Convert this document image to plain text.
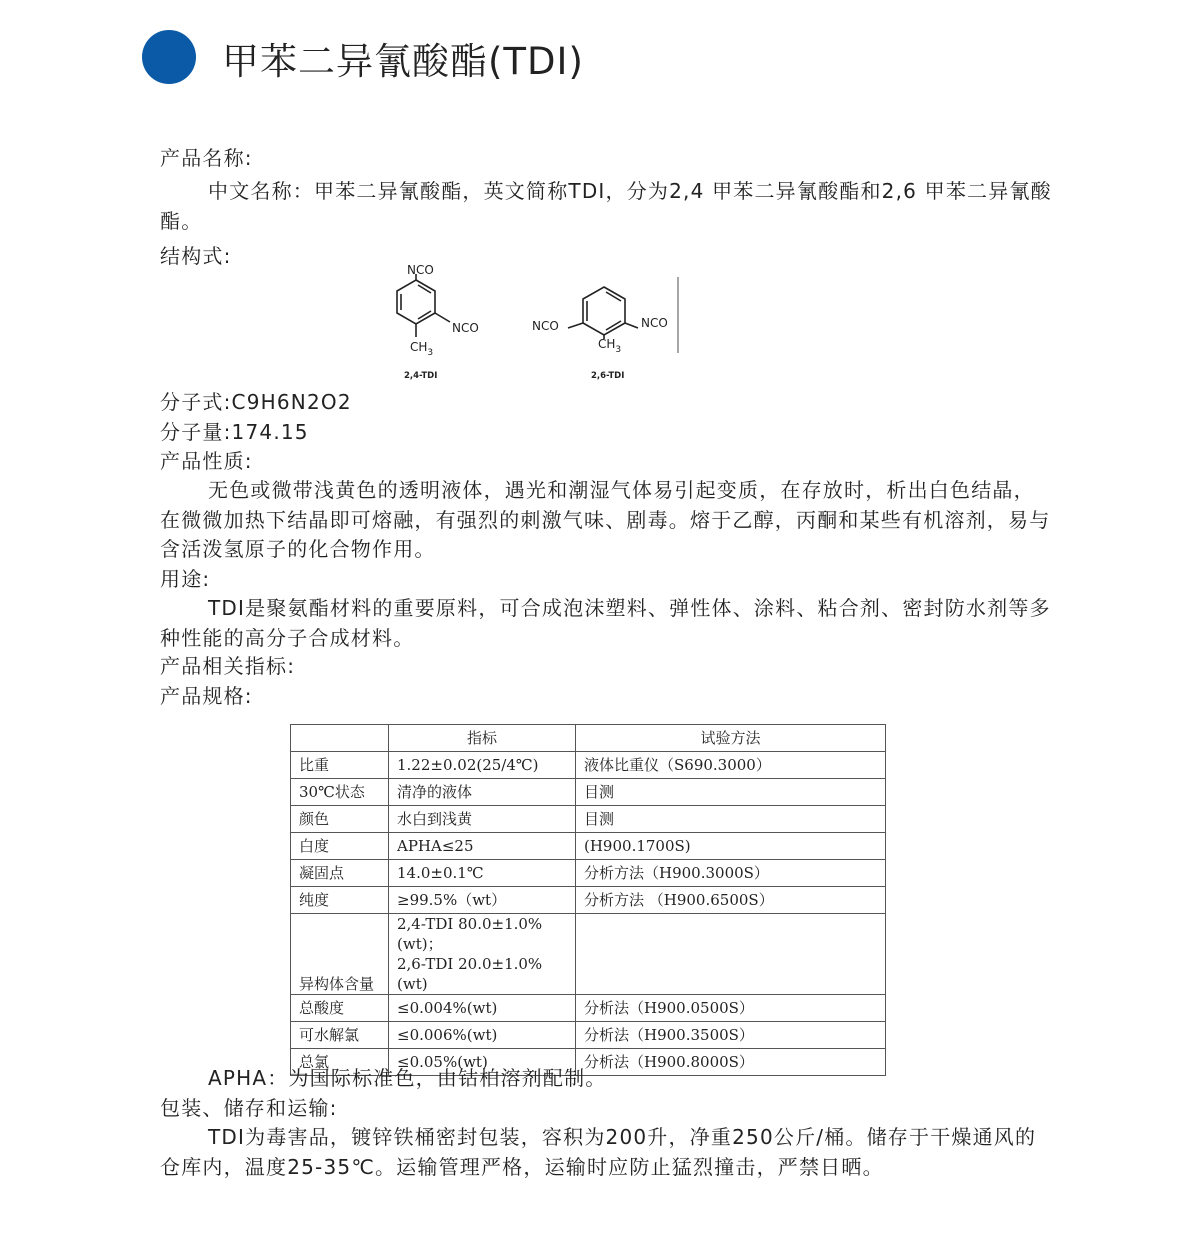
甲苯二异氰酸酯(TDI)
产品名称:
中文名称：甲苯二异氰酸酯，英文简称TDI，分为2,4 甲苯二异氰酸酯和2,6 甲苯二异氰酸酯。
结构式:
NCO
NCO
$CH_3$
2,4-TDI
NCO	NCO
$CH_3$
2,6-TDI
分子式:C9H6N2O2
分子量:174.15
产品性质:
无色或微带浅黄色的透明液体，遇光和潮湿气体易引起变质，在存放时，析出白色结晶，在微微加热下结晶即可熔融，有强烈的刺激气味、剧毒。熔于乙醇，丙酮和某些有机溶剂，易与含活泼氢原子的化合物作用。
用途:
TDI是聚氨酯材料的重要原料，可合成泡沫塑料、弹性体、涂料、粘合剂、密封防水剂等多种性能的高分子合成材料。
产品相关指标:
产品规格:
	指标	试验方法
比重	1.22±0.02(25/4℃)	液体比重仪（S690.3000）
30℃状态	清净的液体	目测
颜色	水白到浅黄	目测
白度	APHA≤25	(H900.1700S)
凝固点	14.0±0.1℃	分析方法（H900.3000S）
纯度	≥99.5%（wt）	分析方法 （H900.6500S）
异构体含量	2,4-TDI 80.0±1.0%(wt)；
2,6-TDI 20.0±1.0%(wt)	

总酸度	≤0.004%(wt)	分析法（H900.0500S）
可水解氯	≤0.006%(wt)	分析法（H900.3500S）
总氯	≤0.05%(wt)	分析法（H900.8000S）
APHA：为国际标准色，由钴柏溶剂配制。
包装、储存和运输:
TDI为毒害品，镀锌铁桶密封包装，容积为200升，净重250公斤/桶。储存于干燥通风的仓库内，温度25-35℃。运输管理严格，运输时应防止猛烈撞击，严禁日晒。
